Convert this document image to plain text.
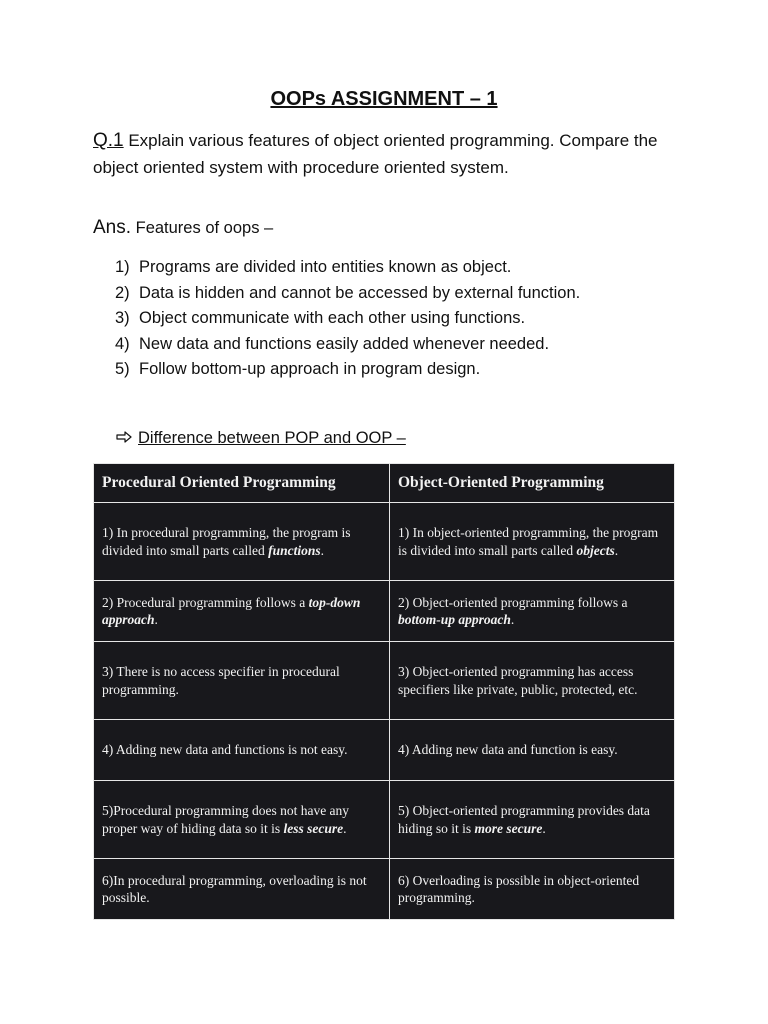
OOPs ASSIGNMENT – 1
Q.1 Explain various features of object oriented programming. Compare the object oriented system with procedure oriented system.
Ans. Features of oops –
1) Programs are divided into entities known as object.
2) Data is hidden and cannot be accessed by external function.
3) Object communicate with each other using functions.
4) New data and functions easily added whenever needed.
5) Follow bottom-up approach in program design.
Difference between POP and OOP –
Procedural Oriented Programming	Object-Oriented Programming
1) In procedural programming, the program is divided into small parts called functions.	1) In object-oriented programming, the program is divided into small parts called objects.
2) Procedural programming follows a top-down approach.	2) Object-oriented programming follows a bottom-up approach.
3) There is no access specifier in procedural programming.	3) Object-oriented programming has access specifiers like private, public, protected, etc.
4) Adding new data and functions is not easy.	4) Adding new data and function is easy.
5)Procedural programming does not have any proper way of hiding data so it is less secure.	5) Object-oriented programming provides data hiding so it is more secure.
6)In procedural programming, overloading is not possible.	6) Overloading is possible in object-oriented programming.
